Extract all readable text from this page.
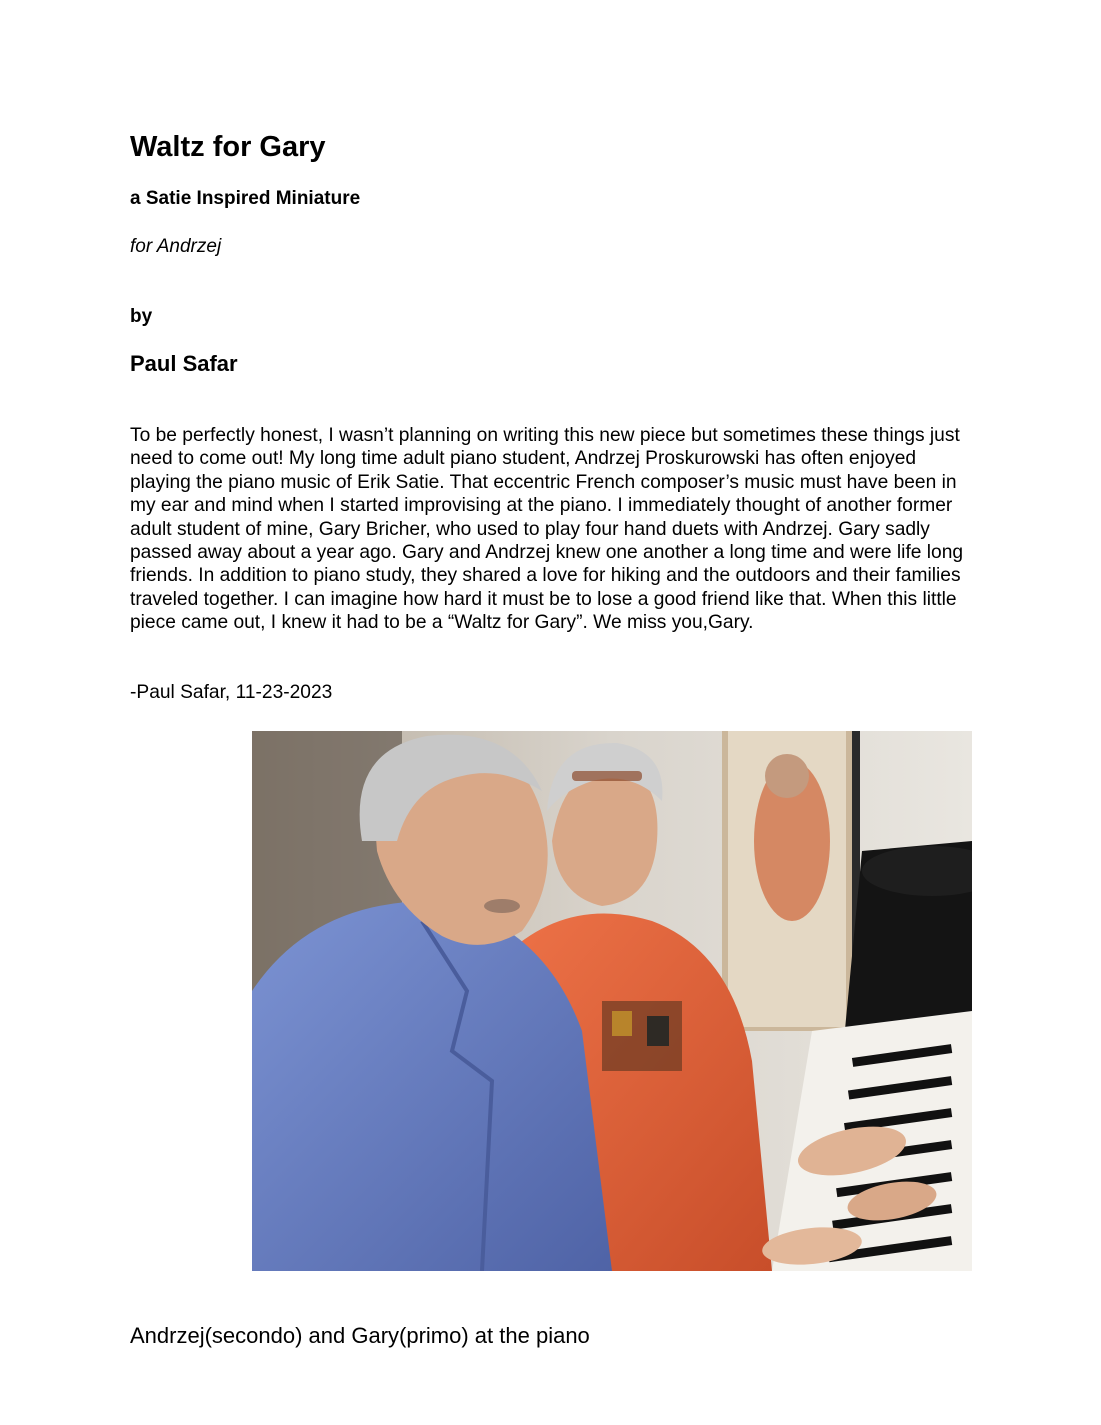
Waltz for Gary

a Satie Inspired Miniature

for Andrzej

by

Paul Safar

To be perfectly honest, I wasn’t planning on writing this new piece but sometimes these things just need to come out! My long time adult piano student, Andrzej Proskurowski has often enjoyed playing the piano music of Erik Satie. That eccentric French composer’s music must have been in my ear and mind when I started improvising at the piano. I immediately thought of another former adult student of mine, Gary Bricher, who used to play four hand duets with Andrzej. Gary sadly passed away about a year ago. Gary and Andrzej knew one another a long time and were life long friends. In addition to piano study, they shared a love for hiking and the outdoors and their families traveled together. I can imagine how hard it must be to lose a good friend like that. When this little piece came out, I knew it had to be a “Waltz for Gary”. We miss you,Gary.

-Paul Safar, 11-23-2023

Andrzej(secondo) and Gary(primo) at the piano
